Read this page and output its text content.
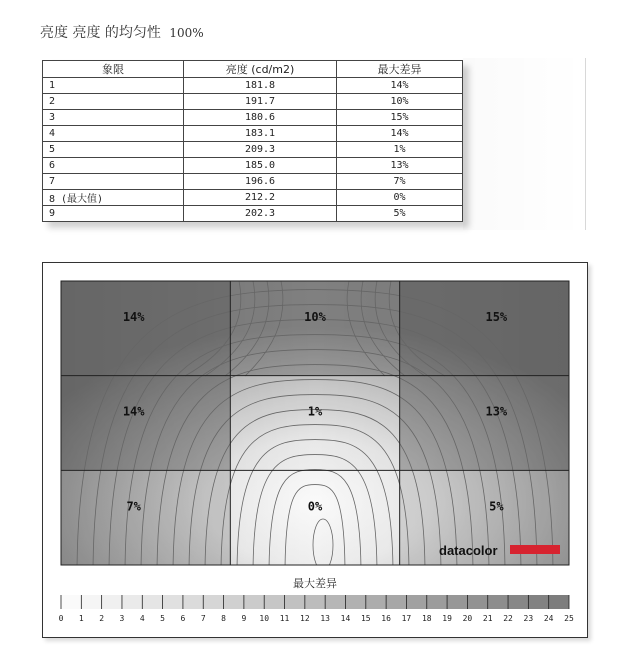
亮度 亮度 的均匀性 100%
象限	亮度 (cd/m2)	最大差异
1	181.8	14%
2	191.7	10%
3	180.6	15%
4	183.1	14%
5	209.3	1%
6	185.0	13%
7	196.6	7%
8 (最大值)	212.2	0%
9	202.3	5%
14%	10%	15%
14%	1%	13%
7%	0%	5%
datacolor
最大差异
0 1 2 3 4 5 6 7 8 9 10 11 12 13 14 15 16 17 18 19 20 21 22 23 24 25
